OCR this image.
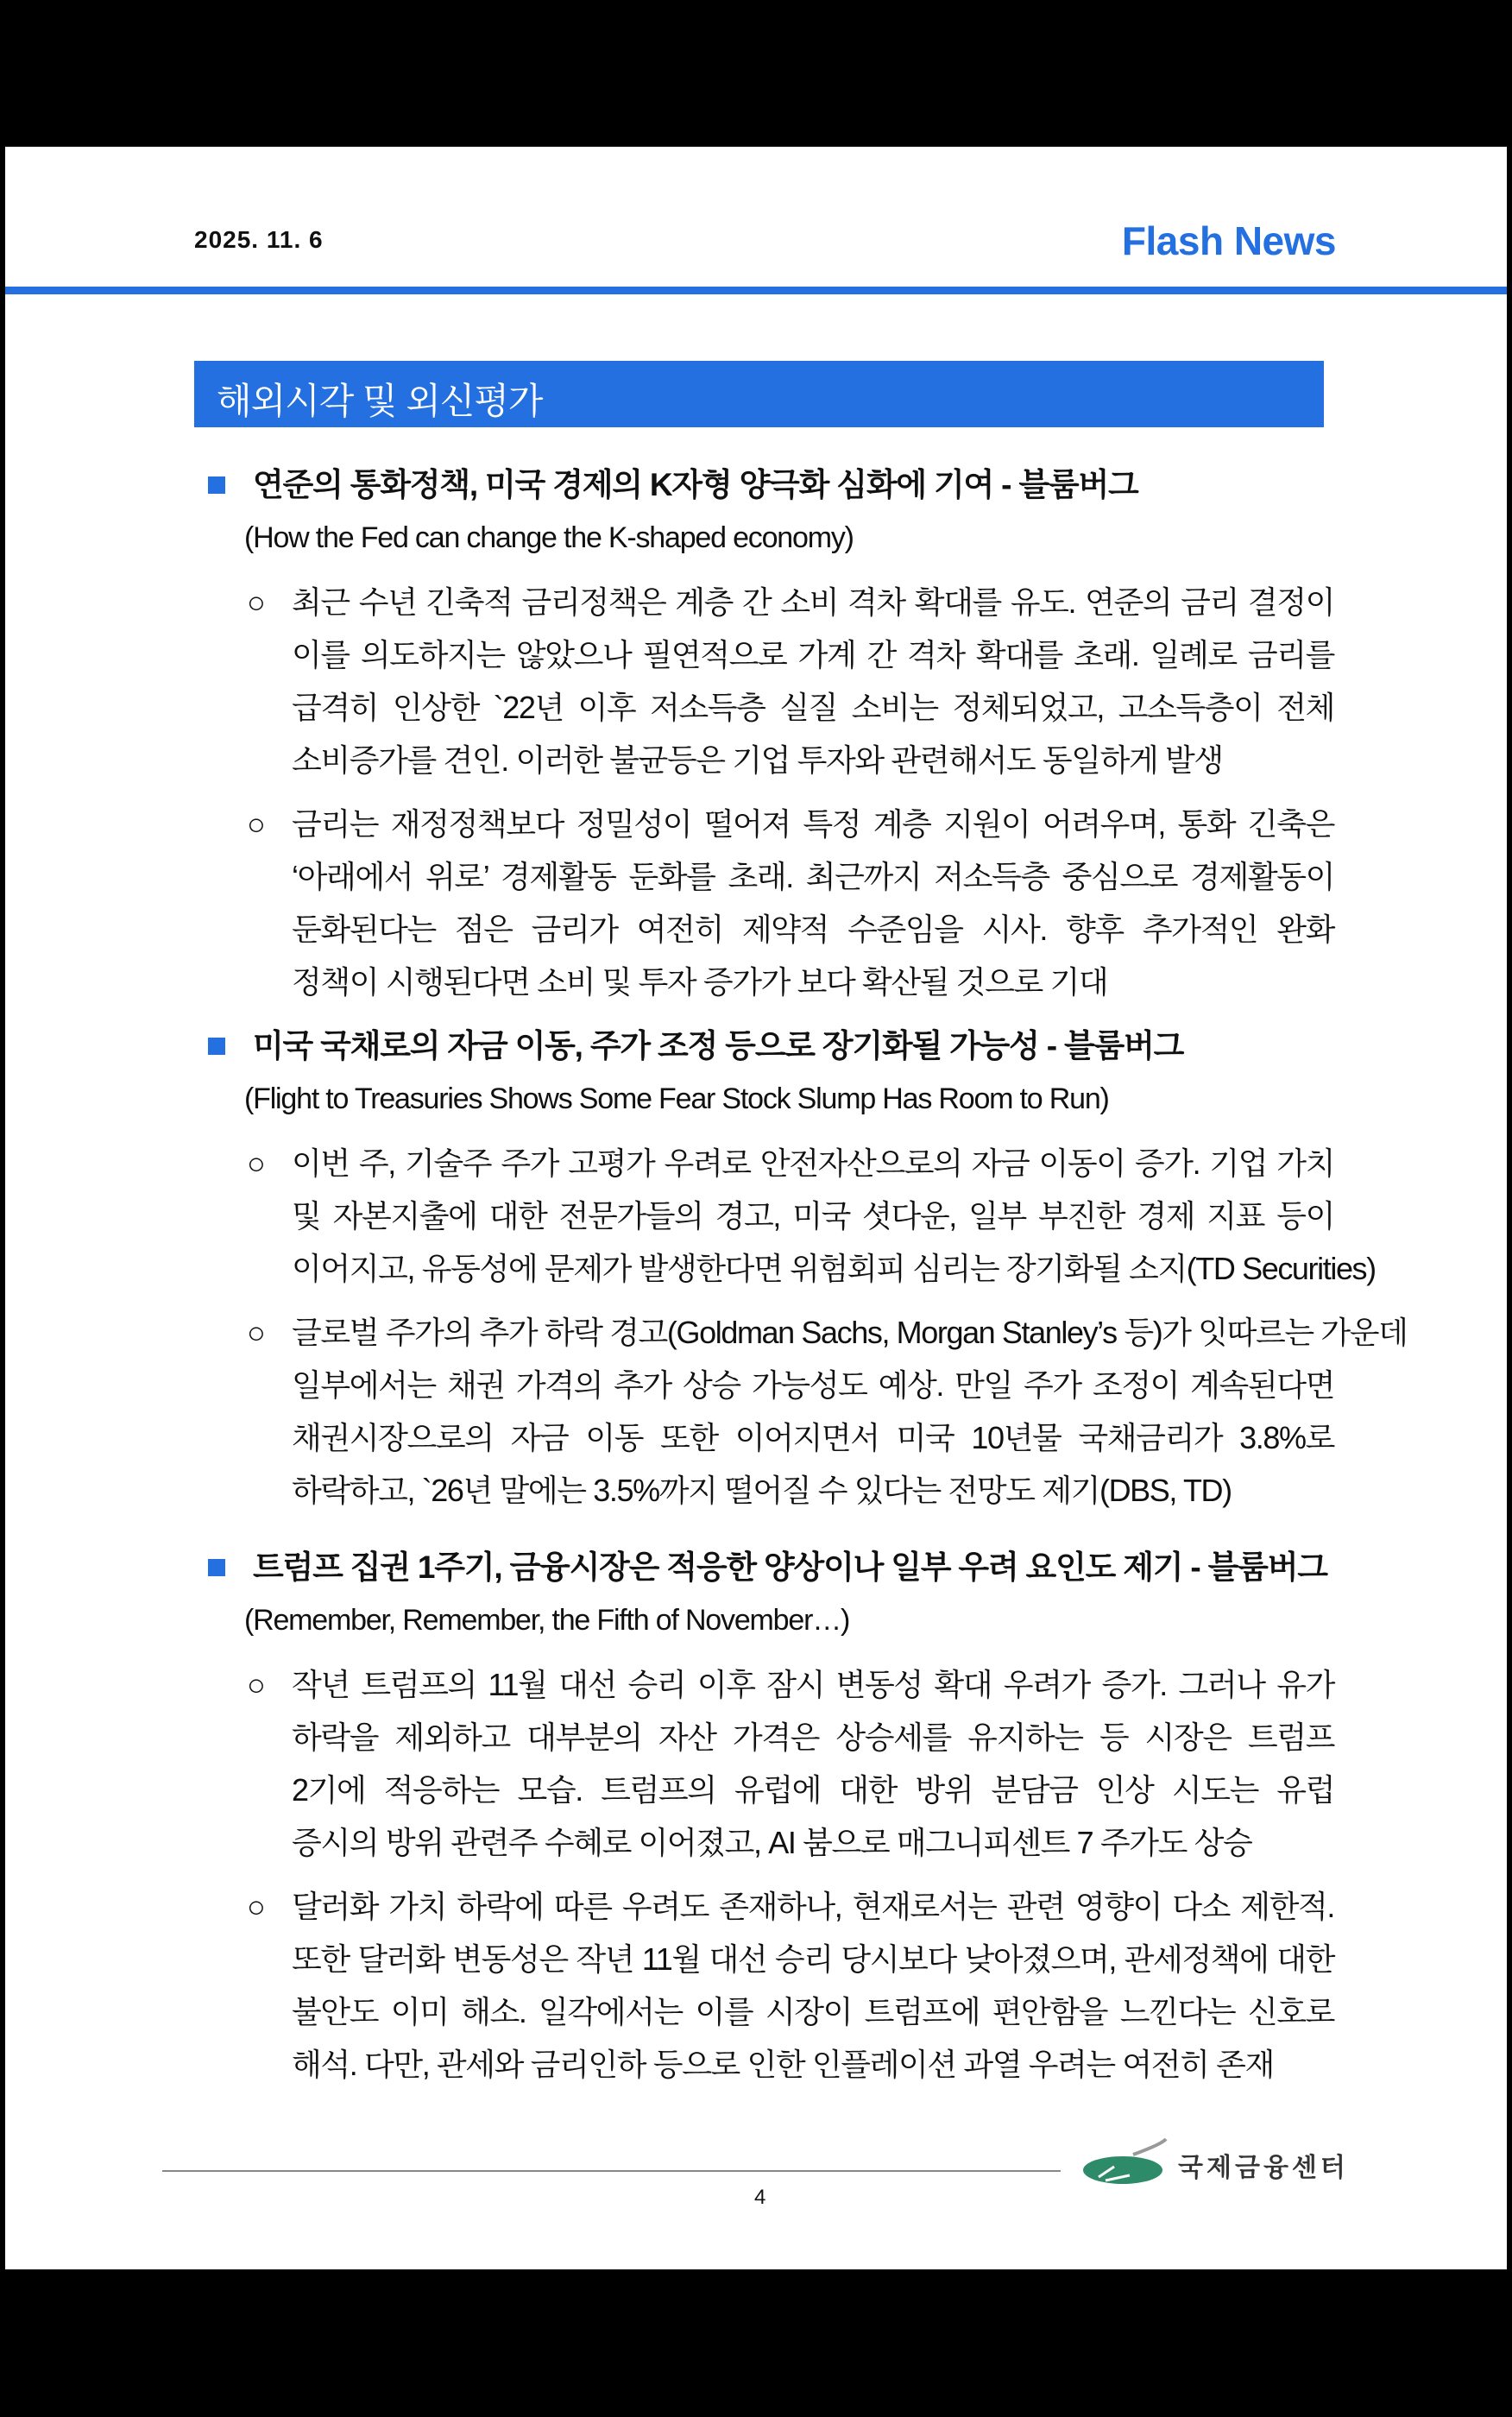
2025. 11. 6	Flash News
해외시각 및 외신평가
연준의 통화정책, 미국 경제의 K자형 양극화 심화에 기여 - 블룸버그
(How the Fed can change the K-shaped economy)
○ 최근 수년 긴축적 금리정책은 계층 간 소비 격차 확대를 유도. 연준의 금리 결정이
이를 의도하지는 않았으나 필연적으로 가계 간 격차 확대를 초래. 일례로 금리를
급격히 인상한 `22년 이후 저소득층 실질 소비는 정체되었고, 고소득층이 전체
소비증가를 견인. 이러한 불균등은 기업 투자와 관련해서도 동일하게 발생
○ 금리는 재정정책보다 정밀성이 떨어져 특정 계층 지원이 어려우며, 통화 긴축은
‘아래에서 위로’ 경제활동 둔화를 초래. 최근까지 저소득층 중심으로 경제활동이
둔화된다는 점은 금리가 여전히 제약적 수준임을 시사. 향후 추가적인 완화
정책이 시행된다면 소비 및 투자 증가가 보다 확산될 것으로 기대
미국 국채로의 자금 이동, 주가 조정 등으로 장기화될 가능성 - 블룸버그
(Flight to Treasuries Shows Some Fear Stock Slump Has Room to Run)
○ 이번 주, 기술주 주가 고평가 우려로 안전자산으로의 자금 이동이 증가. 기업 가치
및 자본지출에 대한 전문가들의 경고, 미국 셧다운, 일부 부진한 경제 지표 등이
이어지고, 유동성에 문제가 발생한다면 위험회피 심리는 장기화될 소지(TD Securities)
○ 글로벌 주가의 추가 하락 경고(Goldman Sachs, Morgan Stanley’s 등)가 잇따르는 가운데
일부에서는 채권 가격의 추가 상승 가능성도 예상. 만일 주가 조정이 계속된다면
채권시장으로의 자금 이동 또한 이어지면서 미국 10년물 국채금리가 3.8%로
하락하고, `26년 말에는 3.5%까지 떨어질 수 있다는 전망도 제기(DBS, TD)
트럼프 집권 1주기, 금융시장은 적응한 양상이나 일부 우려 요인도 제기 - 블룸버그
(Remember, Remember, the Fifth of November…)
○ 작년 트럼프의 11월 대선 승리 이후 잠시 변동성 확대 우려가 증가. 그러나 유가
하락을 제외하고 대부분의 자산 가격은 상승세를 유지하는 등 시장은 트럼프
2기에 적응하는 모습. 트럼프의 유럽에 대한 방위 분담금 인상 시도는 유럽
증시의 방위 관련주 수혜로 이어졌고, AI 붐으로 매그니피센트 7 주가도 상승
○ 달러화 가치 하락에 따른 우려도 존재하나, 현재로서는 관련 영향이 다소 제한적.
또한 달러화 변동성은 작년 11월 대선 승리 당시보다 낮아졌으며, 관세정책에 대한
불안도 이미 해소. 일각에서는 이를 시장이 트럼프에 편안함을 느낀다는 신호로
해석. 다만, 관세와 금리인하 등으로 인한 인플레이션 과열 우려는 여전히 존재
국제금융센터
4
